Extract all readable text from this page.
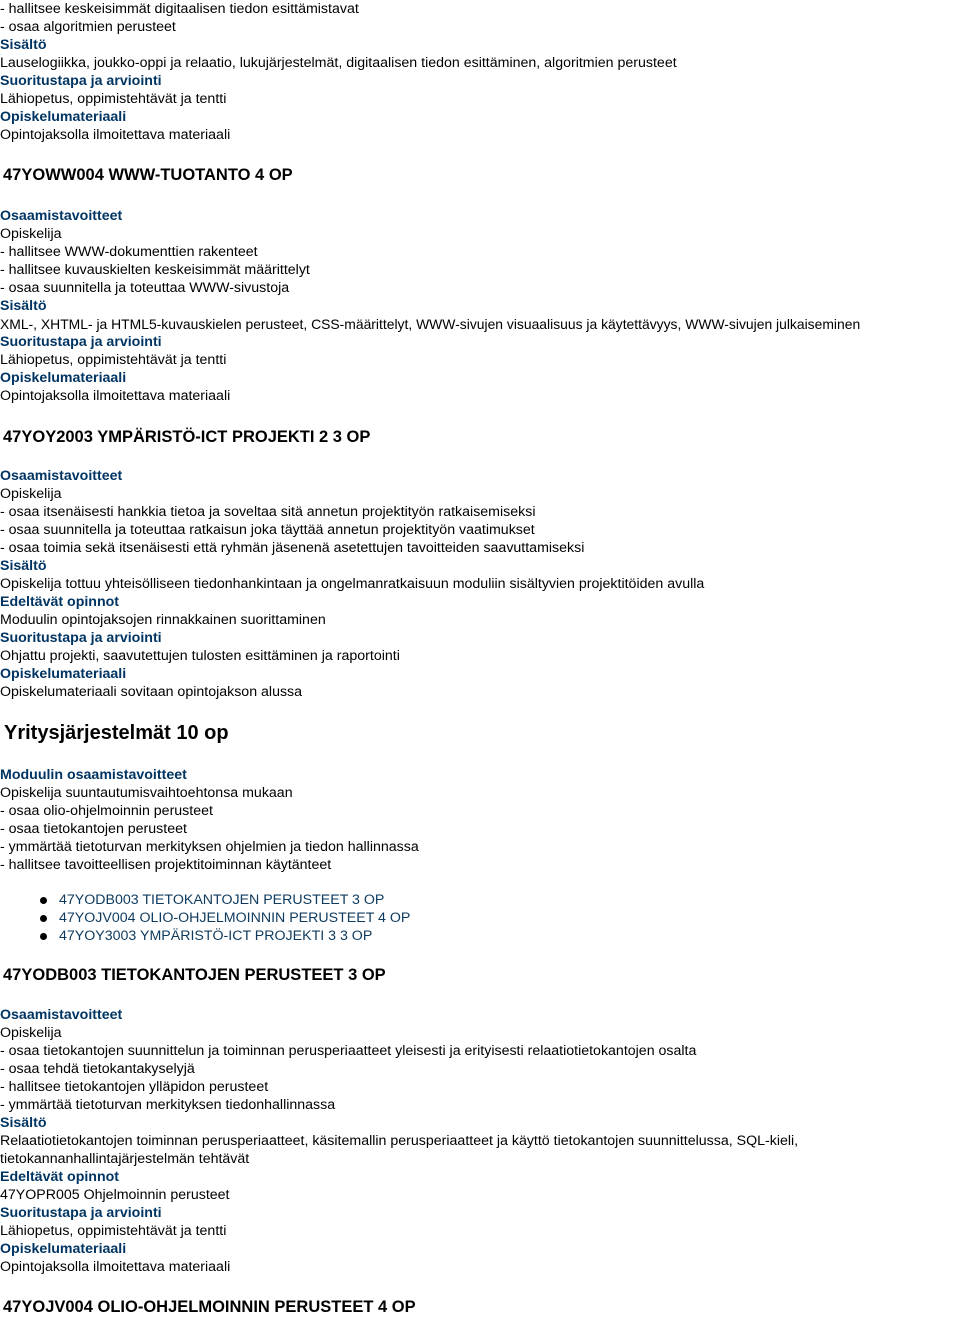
- hallitsee keskeisimmät digitaalisen tiedon esittämistavat
- osaa algoritmien perusteet
Sisältö
Lauselogiikka, joukko-oppi ja relaatio, lukujärjestelmät, digitaalisen tiedon esittäminen, algoritmien perusteet
Suoritustapa ja arviointi
Lähiopetus, oppimistehtävät ja tentti
Opiskelumateriaali
Opintojaksolla ilmoitettava materiaali
47YOWW004 WWW-TUOTANTO 4 OP
Osaamistavoitteet
Opiskelija
- hallitsee WWW-dokumenttien rakenteet
- hallitsee kuvauskielten keskeisimmät määrittelyt
- osaa suunnitella ja toteuttaa WWW-sivustoja
Sisältö
XML-, XHTML- ja HTML5-kuvauskielen perusteet, CSS-määrittelyt, WWW-sivujen visuaalisuus ja käytettävyys, WWW-sivujen julkaiseminen
Suoritustapa ja arviointi
Lähiopetus, oppimistehtävät ja tentti
Opiskelumateriaali
Opintojaksolla ilmoitettava materiaali
47YOY2003 YMPÄRISTÖ-ICT PROJEKTI 2 3 OP
Osaamistavoitteet
Opiskelija
- osaa itsenäisesti hankkia tietoa ja soveltaa sitä annetun projektityön ratkaisemiseksi
- osaa suunnitella ja toteuttaa ratkaisun joka täyttää annetun projektityön vaatimukset
- osaa toimia sekä itsenäisesti että ryhmän jäsenenä asetettujen tavoitteiden saavuttamiseksi
Sisältö
Opiskelija tottuu yhteisölliseen tiedonhankintaan ja ongelmanratkaisuun moduliin sisältyvien projektitöiden avulla
Edeltävät opinnot
Moduulin opintojaksojen rinnakkainen suorittaminen
Suoritustapa ja arviointi
Ohjattu projekti, saavutettujen tulosten esittäminen ja raportointi
Opiskelumateriaali
Opiskelumateriaali sovitaan opintojakson alussa
Yritysjärjestelmät 10 op
Moduulin osaamistavoitteet
Opiskelija suuntautumisvaihtoehtonsa mukaan
- osaa olio-ohjelmoinnin perusteet
- osaa tietokantojen perusteet
- ymmärtää tietoturvan merkityksen ohjelmien ja tiedon hallinnassa
- hallitsee tavoitteellisen projektitoiminnan käytänteet
47YODB003 TIETOKANTOJEN PERUSTEET 3 OP
47YOJV004 OLIO-OHJELMOINNIN PERUSTEET 4 OP
47YOY3003 YMPÄRISTÖ-ICT PROJEKTI 3 3 OP
47YODB003 TIETOKANTOJEN PERUSTEET 3 OP
Osaamistavoitteet
Opiskelija
- osaa tietokantojen suunnittelun ja toiminnan perusperiaatteet yleisesti ja erityisesti relaatiotietokantojen osalta
- osaa tehdä tietokantakyselyjä
- hallitsee tietokantojen ylläpidon perusteet
- ymmärtää tietoturvan merkityksen tiedonhallinnassa
Sisältö
Relaatiotietokantojen toiminnan perusperiaatteet, käsitemallin perusperiaatteet ja käyttö tietokantojen suunnittelussa, SQL-kieli,
tietokannanhallintajärjestelmän tehtävät
Edeltävät opinnot
47YOPR005 Ohjelmoinnin perusteet
Suoritustapa ja arviointi
Lähiopetus, oppimistehtävät ja tentti
Opiskelumateriaali
Opintojaksolla ilmoitettava materiaali
47YOJV004 OLIO-OHJELMOINNIN PERUSTEET 4 OP
